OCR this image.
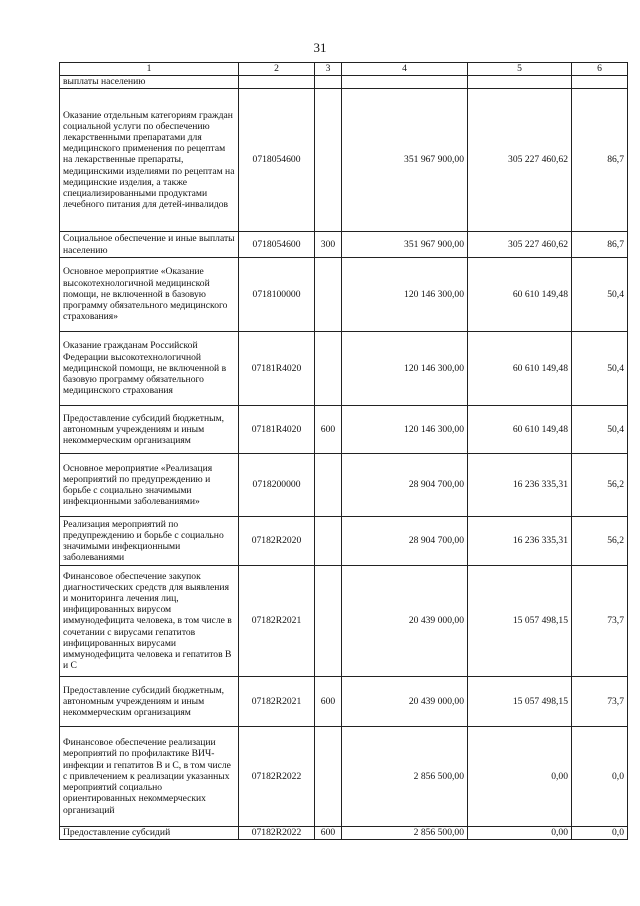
31
1	2	3	4	5	6
выплаты населению					
Оказание отдельным категориям граждан социальной услуги по обеспечению лекарственными препаратами для медицинского применения по рецептам на лекарственные препараты, медицинскими изделиями по рецептам на медицинские изделия, а также специализированными продуктами лечебного питания для детей-инвалидов	0718054600		351 967 900,00	305 227 460,62	86,7
Социальное обеспечение и иные выплаты населению	0718054600	300	351 967 900,00	305 227 460,62	86,7
Основное мероприятие «Оказание высокотехнологичной медицинской помощи, не включенной в базовую программу обязательного медицинского страхования»	0718100000		120 146 300,00	60 610 149,48	50,4
Оказание гражданам Российской Федерации высокотехнологичной медицинской помощи, не включенной в базовую программу обязательного медицинского страхования	07181R4020		120 146 300,00	60 610 149,48	50,4
Предоставление субсидий бюджетным, автономным учреждениям и иным некоммерческим организациям	07181R4020	600	120 146 300,00	60 610 149,48	50,4
Основное мероприятие «Реализация мероприятий по предупреждению и борьбе с социально значимыми инфекционными заболеваниями»	0718200000		28 904 700,00	16 236 335,31	56,2
Реализация мероприятий по предупреждению и борьбе с социально значимыми инфекционными заболеваниями	07182R2020		28 904 700,00	16 236 335,31	56,2
Финансовое обеспечение закупок диагностических средств для выявления и мониторинга лечения лиц, инфицированных вирусом иммунодефицита человека, в том числе в сочетании с вирусами гепатитов инфицированных вирусами иммунодефицита человека и гепатитов В и С	07182R2021		20 439 000,00	15 057 498,15	73,7
Предоставление субсидий бюджетным, автономным учреждениям и иным некоммерческим организациям	07182R2021	600	20 439 000,00	15 057 498,15	73,7
Финансовое обеспечение реализации мероприятий по профилактике ВИЧ-инфекции и гепатитов В и С, в том числе с привлечением к реализации указанных мероприятий социально ориентированных некоммерческих организаций	07182R2022		2 856 500,00	0,00	0,0
Предоставление субсидий	07182R2022	600	2 856 500,00	0,00	0,0
